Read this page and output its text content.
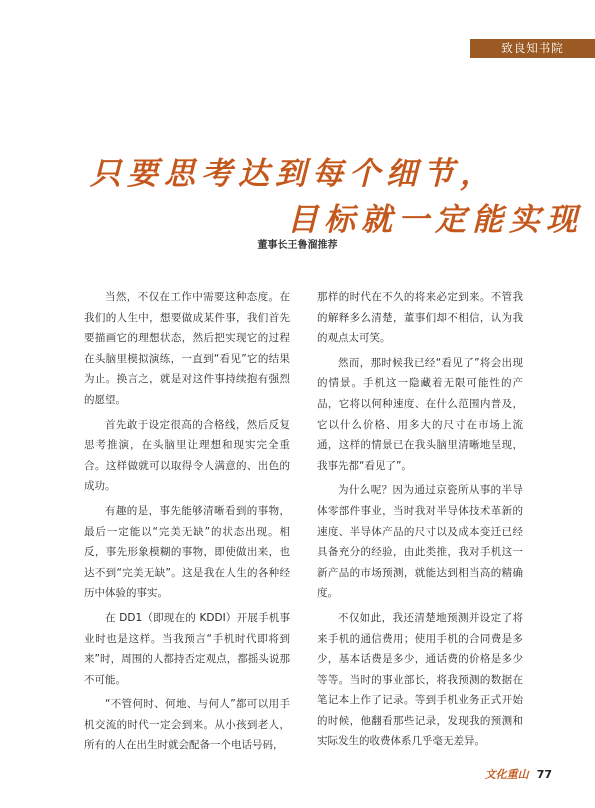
致良知书院
只要思考达到每个细节，
目标就一定能实现
董事长王鲁溜推荐

当然，不仅在工作中需要这种态度。在我们的人生中，想要做成某件事，我们首先要描画它的理想状态，然后把实现它的过程在头脑里模拟演练，一直到“看见”它的结果为止。换言之，就是对这件事持续抱有强烈的愿望。

首先敢于设定很高的合格线，然后反复思考推演，在头脑里让理想和现实完全重合。这样做就可以取得令人满意的、出色的成功。

有趣的是，事先能够清晰看到的事物，最后一定能以“完美无缺”的状态出现。相反，事先形象模糊的事物，即使做出来，也达不到“完美无缺”。这是我在人生的各种经历中体验的事实。

在 DD1（即现在的 KDDI）开展手机事业时也是这样。当我预言“手机时代即将到来”时，周围的人都持否定观点，都摇头说那不可能。

“不管何时、何地、与何人”都可以用手机交流的时代一定会到来。从小孩到老人，所有的人在出生时就会配备一个电话号码，

那样的时代在不久的将来必定到来。不管我的解释多么清楚，董事们却不相信，认为我的观点太可笑。

然而，那时候我已经“看见了”将会出现的情景。手机这一隐藏着无限可能性的产品，它将以何种速度、在什么范围内普及，它以什么价格、用多大的尺寸在市场上流通，这样的情景已在我头脑里清晰地呈现，我事先都“看见了”。

为什么呢？因为通过京瓷所从事的半导体零部件事业，当时我对半导体技术革新的速度、半导体产品的尺寸以及成本变迁已经具备充分的经验，由此类推，我对手机这一新产品的市场预测，就能达到相当高的精确度。

不仅如此，我还清楚地预测并设定了将来手机的通信费用；使用手机的合同费是多少，基本话费是多少，通话费的价格是多少等等。当时的事业部长，将我预测的数据在笔记本上作了记录。等到手机业务正式开始的时候，他翻看那些记录，发现我的预测和实际发生的收费体系几乎毫无差异。

文化重山 77
